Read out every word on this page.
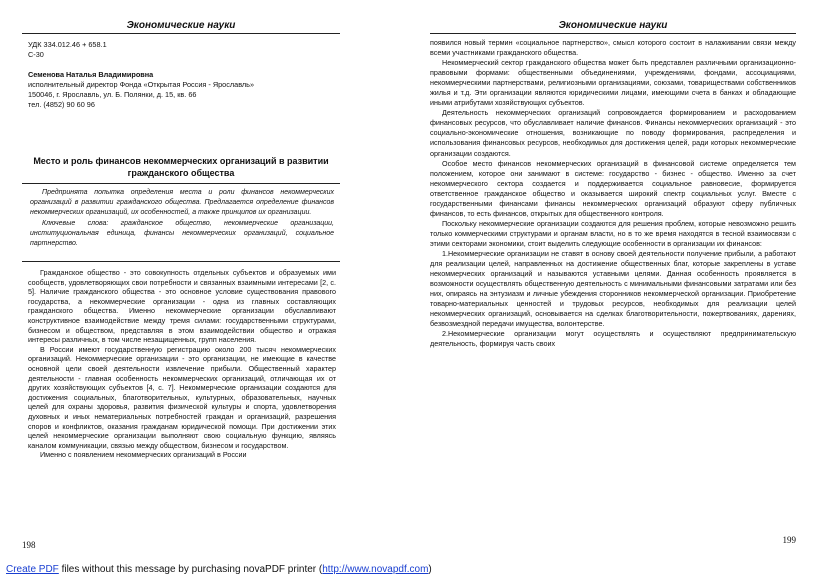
Экономические науки
УДК 334.012.46 + 658.1
С-30
Семенова Наталья Владимировна
исполнительный директор Фонда «Открытая Россия - Ярославль»
150046, г. Ярославль, ул. Б. Полянки, д. 15, кв. 66
тел. (4852) 90 60 96
Место и роль финансов некоммерческих организаций в развитии гражданского общества

Предпринята попытка определения места и роли финансов некоммерческих организаций в развитии гражданского общества. Предлагается определение финансов некоммерческих организаций, их особенностей, а также принципов их организации.

Ключевые слова: гражданское общество, некоммерческие организации, институциональная единица, финансы некоммерческих организаций, социальное партнерство.

Гражданское общество - это совокупность отдельных субъектов и образуемых ими сообществ, удовлетворяющих свои потребности и связанных взаимными интересами [2, с. 5]. Наличие гражданского общества - это основное условие существования правового государства, а некоммерческие организации - одна из главных составляющих гражданского общества. Именно некоммерческие организации обуславливают конструктивное взаимодействие между тремя силами: государственными структурами, бизнесом и обществом, представляя в этом взаимодействии общество и отражая интересы различных, в том числе незащищенных, групп населения.

В России имеют государственную регистрацию около 200 тысяч некоммерческих организаций. Некоммерческие организации - это организации, не имеющие в качестве основной цели своей деятельности извлечение прибыли. Общественный характер деятельности - главная особенность некоммерческих организаций, отличающая их от других хозяйствующих субъектов [4, с. 7]. Некоммерческие организации создаются для достижения социальных, благотворительных, культурных, образовательных, научных целей для охраны здоровья, развития физической культуры и спорта, удовлетворения духовных и иных нематериальных потребностей граждан и организаций, разрешения споров и конфликтов, оказания гражданам юридической помощи. При достижении этих целей некоммерческие организации выполняют свою социальную функцию, являясь каналом коммуникации, связью между обществом, бизнесом и государством.

Именно с появлением некоммерческих организаций в России

198
Экономические науки

появился новый термин «социальное партнерство», смысл которого состоит в налаживании связи между всеми участниками гражданского общества.

Некоммерческий сектор гражданского общества может быть представлен различными организационно-правовыми формами: общественными объединениями, учреждениями, фондами, ассоциациями, некоммерческими партнерствами, религиозными организациями, союзами, товариществами собственников жилья и т.д. Эти организации являются юридическими лицами, имеющими счета в банках и обладающие иными атрибутами хозяйствующих субъектов.

Деятельность некоммерческих организаций сопровождается формированием и расходованием финансовых ресурсов, что обуславливает наличие финансов. Финансы некоммерческих организаций - это социально-экономические отношения, возникающие по поводу формирования, распределения и использования финансовых ресурсов, необходимых для достижения целей, ради которых некоммерческие организации создаются.

Особое место финансов некоммерческих организаций в финансовой системе определяется тем положением, которое они занимают в системе: государство - бизнес - общество. Именно за счет некоммерческого сектора создается и поддерживается социальное равновесие, формируется ответственное гражданское общество и оказывается широкий спектр социальных услуг. Вместе с государственными финансами финансы некоммерческих организаций образуют сферу публичных финансов, то есть финансов, открытых для общественного контроля.

Поскольку некоммерческие организации создаются для решения проблем, которые невозможно решить только коммерческими структурами и органам власти, но в то же время находятся в тесной взаимосвязи с этими секторами экономики, стоит выделить следующие особенности в организации их финансов:

1.Некоммерческие организации не ставят в основу своей деятельности получение прибыли, а работают для реализации целей, направленных на достижение общественных благ, которые закреплены в уставе некоммерческих организаций и называются уставными целями. Данная особенность проявляется в возможности осуществлять общественную деятельность с минимальными финансовыми затратами или без них, опираясь на энтузиазм и личные убеждения сторонников некоммерческой организации. Приобретение товарно-материальных ценностей и трудовых ресурсов, необходимых для реализации целей некоммерческих организаций, основывается на сделках благотворительности, пожертвованиях, дарениях, безвозмездной передачи имущества, волонтерстве.

2.Некоммерческие организации могут осуществлять и осуществляют предпринимательскую деятельность, формируя часть своих

199
Create PDF files without this message by purchasing novaPDF printer (http://www.novapdf.com)
